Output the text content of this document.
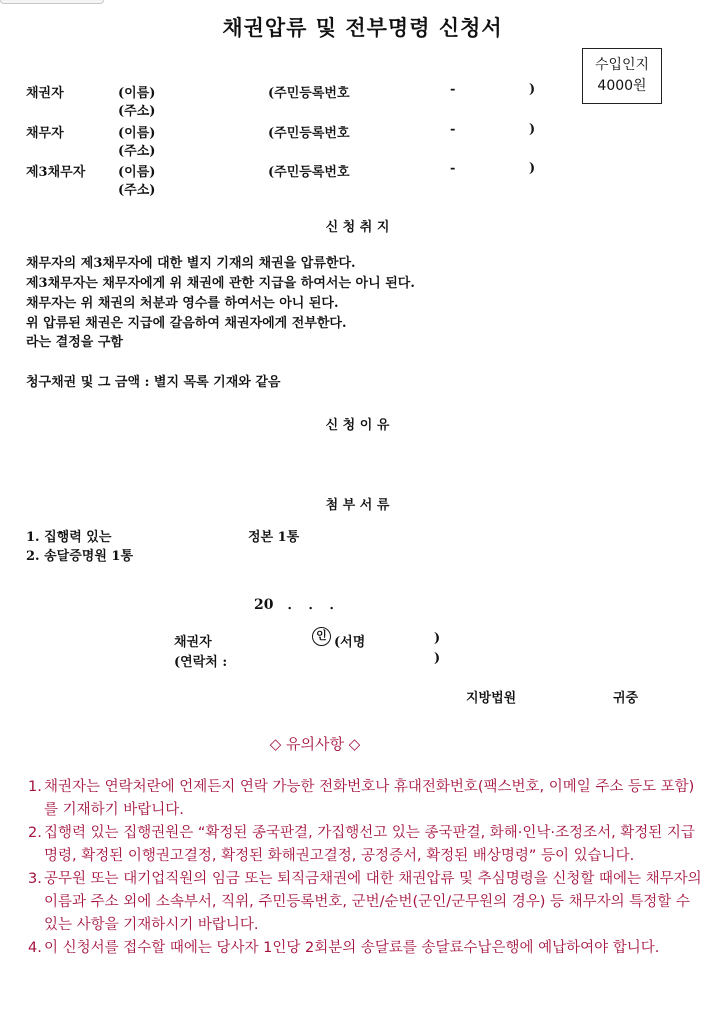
채권압류 및 전부명령 신청서
수입인지
4000원
채권자	(이름)
(주소)
(주민등록번호	-	)
채무자	(이름)
(주소)
(주민등록번호	-	)
제3채무자	(이름)
(주소)
(주민등록번호	-	)
신 청 취 지
채무자의 제3채무자에 대한 별지 기재의 채권을 압류한다.
제3채무자는 채무자에게 위 채권에 관한 지급을 하여서는 아니 된다.
채무자는 위 채권의 처분과 영수를 하여서는 아니 된다.
위 압류된 채권은 지급에 갈음하여 채권자에게 전부한다.
라는 결정을 구함
청구채권 및 그 금액 : 별지 목록 기재와 같음
신 청 이 유
첨 부 서 류
1. 집행력 있는	정본 1통
2. 송달증명원 1통
20　．　．　．
채권자	인 (서명	)
(연락처 :	)
지방법원	귀중
◇ 유의사항 ◇
1. 채권자는 연락처란에 언제든지 연락 가능한 전화번호나 휴대전화번호(팩스번호, 이메일 주소 등도 포함)를 기재하기 바랍니다.
2. 집행력 있는 집행권원은 “확정된 종국판결, 가집행선고 있는 종국판결, 화해·인낙·조정조서, 확정된 지급명령, 확정된 이행권고결정, 확정된 화해권고결정, 공정증서, 확정된 배상명령” 등이 있습니다.
3. 공무원 또는 대기업직원의 임금 또는 퇴직금채권에 대한 채권압류 및 추심명령을 신청할 때에는 채무자의 이름과 주소 외에 소속부서, 직위, 주민등록번호, 군번/순번(군인/군무원의 경우) 등 채무자의 특정할 수 있는 사항을 기재하시기 바랍니다.
4. 이 신청서를 접수할 때에는 당사자 1인당 2회분의 송달료를 송달료수납은행에 예납하여야 합니다.
